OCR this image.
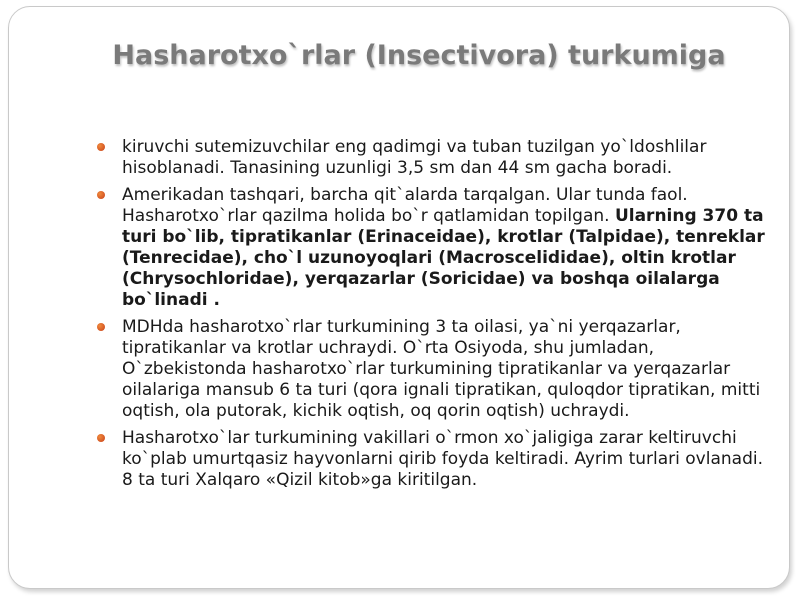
Hasharotxo`rlar (Insectivora) turkumiga
kiruvchi sutemizuvchilar eng qadimgi va tuban tuzilgan yo`ldoshlilar hisoblanadi. Tanasining uzunligi 3,5 sm dan 44 sm gacha boradi.
Amerikadan tashqari, barcha qit`alarda tarqalgan. Ular tunda faol. Hasharotxo`rlar qazilma holida bo`r qatlamidan topilgan. Ularning 370 ta turi bo`lib, tipratikanlar (Erinaceidae), krotlar (Talpidae), tenreklar (Tenrecidae), cho`l uzunoyoqlari (Macroscelididae), oltin krotlar (Chrysochloridae), yerqazarlar (Soricidae) va boshqa oilalarga bo`linadi .
MDHda hasharotxo`rlar turkumining 3 ta oilasi, ya`ni yerqazarlar, tipratikanlar va krotlar uchraydi. O`rta Osiyoda, shu jumladan, O`zbekistonda hasharotxo`rlar turkumining tipratikanlar va yerqazarlar oilalariga mansub 6 ta turi (qora ignali tipratikan, quloqdor tipratikan, mitti oqtish, ola putorak, kichik oqtish, oq qorin oqtish) uchraydi.
Hasharotxo`lar turkumining vakillari o`rmon xo`jaligiga zarar keltiruvchi ko`plab umurtqasiz hayvonlarni qirib foyda keltiradi. Ayrim turlari ovlanadi. 8 ta turi Xalqaro «Qizil kitob»ga kiritilgan.
